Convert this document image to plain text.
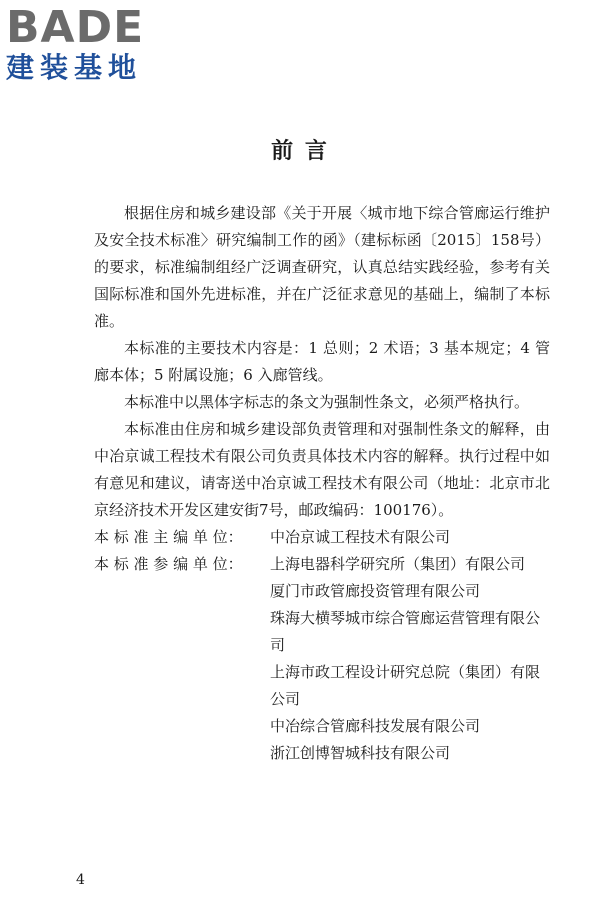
BADE
建装基地
前 言

根据住房和城乡建设部《关于开展〈城市地下综合管廊运行维护及安全技术标准〉研究编制工作的函》（建标标函〔2015〕158号）的要求，标准编制组经广泛调查研究，认真总结实践经验，参考有关国际标准和国外先进标准，并在广泛征求意见的基础上，编制了本标准。

本标准的主要技术内容是：1 总则；2 术语；3 基本规定；4 管廊本体；5 附属设施；6 入廊管线。

本标准中以黑体字标志的条文为强制性条文，必须严格执行。

本标准由住房和城乡建设部负责管理和对强制性条文的解释，由中冶京诚工程技术有限公司负责具体技术内容的解释。执行过程中如有意见和建议，请寄送中冶京诚工程技术有限公司（地址：北京市北京经济技术开发区建安街7号，邮政编码：100176）。

本 标 准 主 编 单 位：	中冶京诚工程技术有限公司
本 标 准 参 编 单 位：	上海电器科学研究所（集团）有限公司
厦门市政管廊投资管理有限公司
珠海大横琴城市综合管廊运营管理有限公司
上海市政工程设计研究总院（集团）有限公司
中冶综合管廊科技发展有限公司
浙江创博智城科技有限公司
4
